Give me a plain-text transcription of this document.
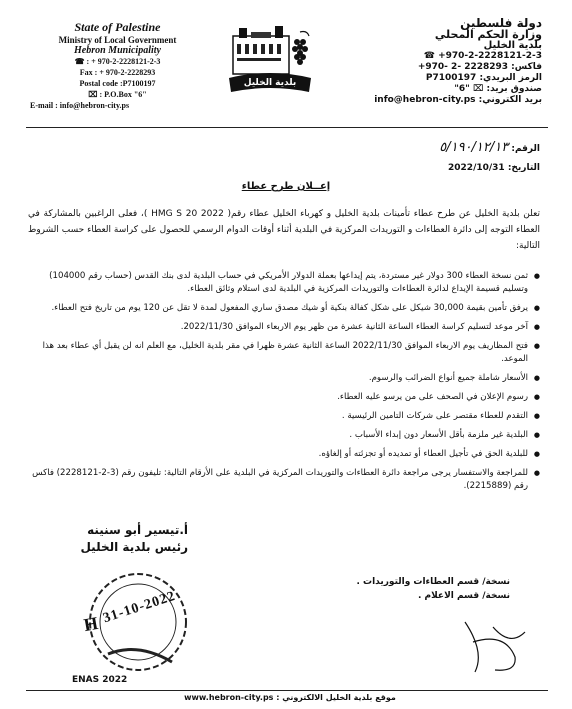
State of Palestine
Ministry of Local Government
Hebron Municipality
☎ : + 970-2-2228121-2-3
Fax : + 970-2-2228293
Postal code :P7100197
⌧ : P.O.Box "6"
E-mail : info@hebron-city.ps
بلدية الخليل
دولة فلسطين
وزارة الحكم المحلي
بلدية الخليل
☎ +970-2-2228121-2-3
فاكس: 2228293 -2 -970+
الرمز البريدي: P7100197
صندوق بريد: ⌧ "6"
بريد الكتروني: info@hebron-city.ps
الرقم: ٥/١٩٠/١٢/١٣
التاريخ: 2022/10/31
إعــلان طرح عطاء
تعلن بلدية الخليل عن طرح عطاء تأمينات بلدية الخليل و كهرباء الخليل عطاء رقم( HMG S 20 2022 )، فعلى الراغبين بالمشاركة في العطاء التوجه إلى دائرة العطاءات و التوريدات المركزية في البلدية أثناء أوقات الدوام الرسمي للحصول على كراسة العطاء حسب الشروط التالية:
● ثمن نسخة العطاء 300 دولار غير مستردة، يتم إيداعها بعملة الدولار الأمريكي في حساب البلدية لدى بنك القدس (حساب رقم 104000) وتسليم قسيمة الإيداع لدائرة العطاءات والتوريدات المركزية في البلدية لدى استلام وثائق العطاء.
● يرفق تأمين بقيمة 30,000 شيكل على شكل كفالة بنكية أو شيك مصدق ساري المفعول لمدة لا تقل عن 120 يوم من تاريخ فتح العطاء.
● آخر موعد لتسليم كراسة العطاء الساعة الثانية عشرة من ظهر يوم الاربعاء الموافق 2022/11/30.
● فتح المظاريف يوم الاربعاء الموافق 2022/11/30 الساعة الثانية عشرة ظهرا في مقر بلدية الخليل، مع العلم انه لن يقبل أي عطاء بعد هذا الموعد.
● الأسعار شاملة جميع أنواع الضرائب والرسوم.
● رسوم الإعلان في الصحف على من يرسو عليه العطاء.
● التقدم للعطاء مقتصر على شركات التامين الرئيسية .
● البلدية غير ملزمة بأقل الأسعار دون إبداء الأسباب .
● للبلدية الحق في تأجيل العطاء أو تمديده أو تجزئته أو إلغاؤه.
● للمراجعة والاستفسار يرجى مراجعة دائرة العطاءات والتوريدات المركزية في البلدية على الأرقام التالية: تليفون رقم (3-2-2228121) فاكس رقم (2215889).
أ.تيسير أبو سنينه
رئيس بلدية الخليل
H 31-10-2022
نسخة/ قسم العطاءات والتوريدات .
نسخة/ قسم الاعلام .
ENAS 2022
www.hebron-city.ps : موقع بلدية الخليل الالكتروني
